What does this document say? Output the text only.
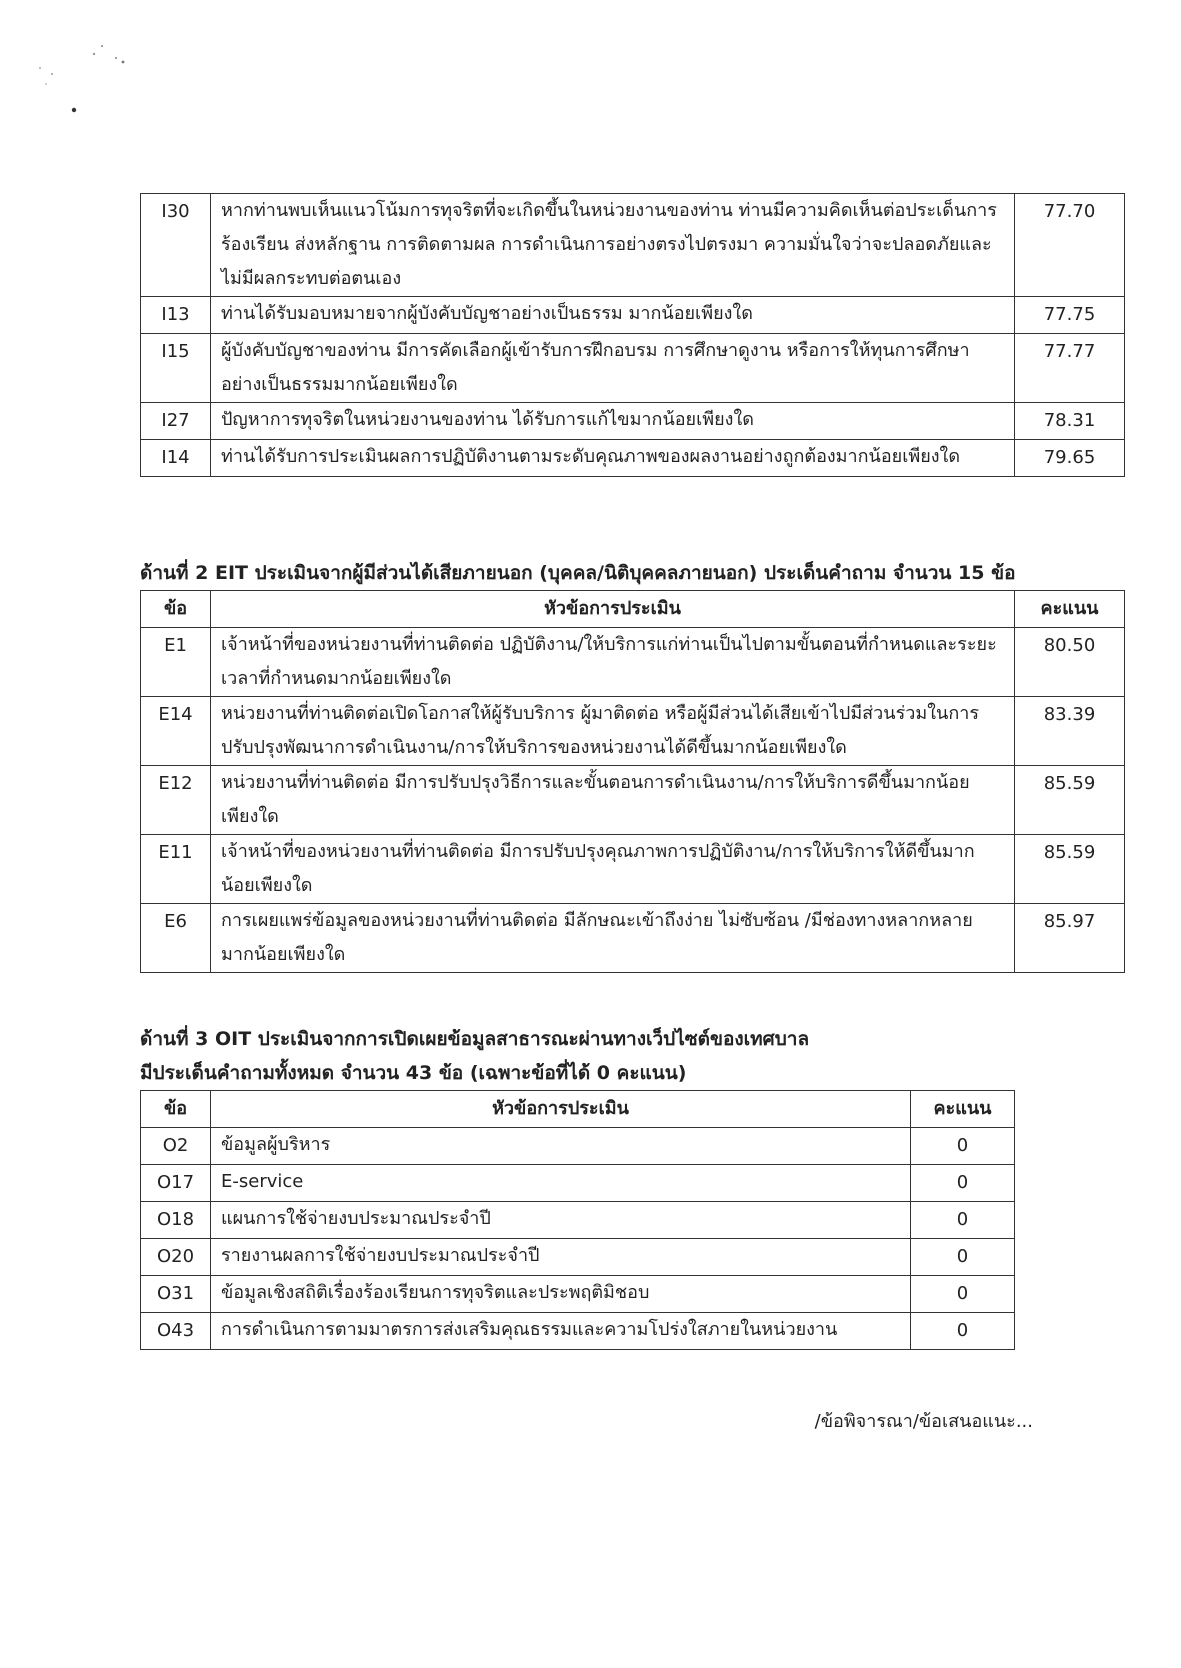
I30	หากท่านพบเห็นแนวโน้มการทุจริตที่จะเกิดขึ้นในหน่วยงานของท่าน ท่านมีความคิดเห็นต่อประเด็นการร้องเรียน ส่งหลักฐาน การติดตามผล การดำเนินการอย่างตรงไปตรงมา ความมั่นใจว่าจะปลอดภัยและไม่มีผลกระทบต่อตนเอง	77.70
I13	ท่านได้รับมอบหมายจากผู้บังคับบัญชาอย่างเป็นธรรม มากน้อยเพียงใด	77.75
I15	ผู้บังคับบัญชาของท่าน มีการคัดเลือกผู้เข้ารับการฝึกอบรม การศึกษาดูงาน หรือการให้ทุนการศึกษา อย่างเป็นธรรมมากน้อยเพียงใด	77.77
I27	ปัญหาการทุจริตในหน่วยงานของท่าน ได้รับการแก้ไขมากน้อยเพียงใด	78.31
I14	ท่านได้รับการประเมินผลการปฏิบัติงานตามระดับคุณภาพของผลงานอย่างถูกต้องมากน้อยเพียงใด	79.65
ด้านที่ 2 EIT ประเมินจากผู้มีส่วนได้เสียภายนอก (บุคคล/นิติบุคคลภายนอก) ประเด็นคำถาม จำนวน 15 ข้อ
ข้อ	หัวข้อการประเมิน	คะแนน
E1	เจ้าหน้าที่ของหน่วยงานที่ท่านติดต่อ ปฏิบัติงาน/ให้บริการแก่ท่านเป็นไปตามขั้นตอนที่กำหนดและระยะเวลาที่กำหนดมากน้อยเพียงใด	80.50
E14	หน่วยงานที่ท่านติดต่อเปิดโอกาสให้ผู้รับบริการ ผู้มาติดต่อ หรือผู้มีส่วนได้เสียเข้าไปมีส่วนร่วมในการปรับปรุงพัฒนาการดำเนินงาน/การให้บริการของหน่วยงานได้ดีขึ้นมากน้อยเพียงใด	83.39
E12	หน่วยงานที่ท่านติดต่อ มีการปรับปรุงวิธีการและขั้นตอนการดำเนินงาน/การให้บริการดีขึ้นมากน้อยเพียงใด	85.59
E11	เจ้าหน้าที่ของหน่วยงานที่ท่านติดต่อ มีการปรับปรุงคุณภาพการปฏิบัติงาน/การให้บริการให้ดีขึ้นมากน้อยเพียงใด	85.59
E6	การเผยแพร่ข้อมูลของหน่วยงานที่ท่านติดต่อ มีลักษณะเข้าถึงง่าย ไม่ซับซ้อน /มีช่องทางหลากหลาย มากน้อยเพียงใด	85.97
ด้านที่ 3 OIT ประเมินจากการเปิดเผยข้อมูลสาธารณะผ่านทางเว็ปไซต์ของเทศบาล
มีประเด็นคำถามทั้งหมด จำนวน 43 ข้อ (เฉพาะข้อที่ได้ 0 คะแนน)
ข้อ	หัวข้อการประเมิน	คะแนน
O2	ข้อมูลผู้บริหาร	0
O17	E-service	0
O18	แผนการใช้จ่ายงบประมาณประจำปี	0
O20	รายงานผลการใช้จ่ายงบประมาณประจำปี	0
O31	ข้อมูลเชิงสถิติเรื่องร้องเรียนการทุจริตและประพฤติมิชอบ	0
O43	การดำเนินการตามมาตรการส่งเสริมคุณธรรมและความโปร่งใสภายในหน่วยงาน	0
/ข้อพิจารณา/ข้อเสนอแนะ...
